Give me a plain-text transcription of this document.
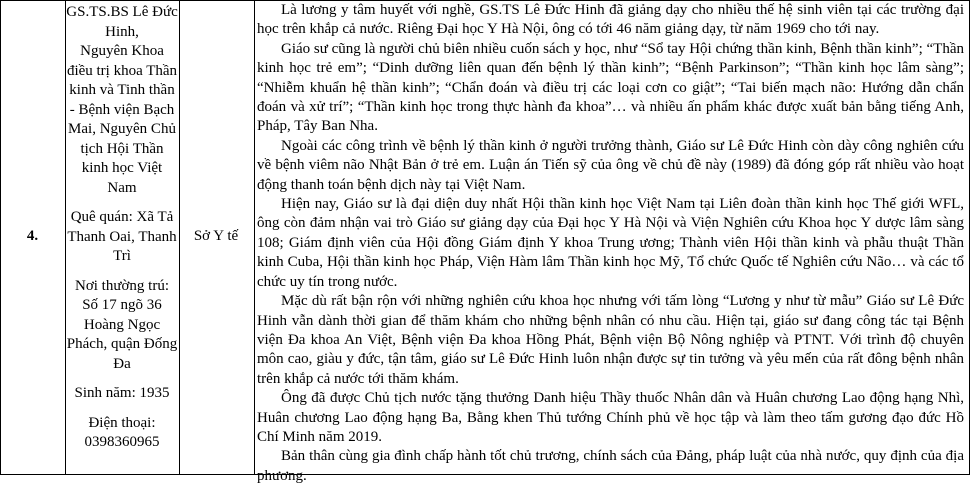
4.

GS.TS.BS Lê Đức Hinh,

Nguyên Khoa điều trị khoa Thần kinh và Tinh thần - Bệnh viện Bạch Mai, Nguyên Chủ tịch Hội Thần kinh học Việt Nam

Quê quán: Xã Tả Thanh Oai, Thanh Trì

Nơi thường trú: Số 17 ngõ 36 Hoàng Ngọc Phách, quận Đống Đa

Sinh năm: 1935

Điện thoại:

0398360965

Sở Y tế

Là lương y tâm huyết với nghề, GS.TS Lê Đức Hinh đã giảng dạy cho nhiều thế hệ sinh viên tại các trường đại học trên khắp cả nước. Riêng Đại học Y Hà Nội, ông có tới 46 năm giảng dạy, từ năm 1969 cho tới nay.

Giáo sư cũng là người chủ biên nhiều cuốn sách y học, như “Sổ tay Hội chứng thần kinh, Bệnh thần kinh”; “Thần kinh học trẻ em”; “Dinh dưỡng liên quan đến bệnh lý thần kinh”; “Bệnh Parkinson”; “Thần kinh học lâm sàng”; “Nhiễm khuẩn hệ thần kinh”; “Chẩn đoán và điều trị các loại cơn co giật”; “Tai biến mạch não: Hướng dẫn chẩn đoán và xử trí”; “Thần kinh học trong thực hành đa khoa”… và nhiều ấn phẩm khác được xuất bản bằng tiếng Anh, Pháp, Tây Ban Nha.

Ngoài các công trình về bệnh lý thần kinh ở người trưởng thành, Giáo sư Lê Đức Hinh còn dày công nghiên cứu về bệnh viêm não Nhật Bản ở trẻ em. Luận án Tiến sỹ của ông về chủ đề này (1989) đã đóng góp rất nhiều vào hoạt động thanh toán bệnh dịch này tại Việt Nam.

Hiện nay, Giáo sư là đại diện duy nhất Hội thần kinh học Việt Nam tại Liên đoàn thần kinh học Thế giới WFL, ông còn đảm nhận vai trò Giáo sư giảng dạy của Đại học Y Hà Nội và Viện Nghiên cứu Khoa học Y dược lâm sàng 108; Giám định viên của Hội đồng Giám định Y khoa Trung ương; Thành viên Hội thần kinh và phẫu thuật Thần kinh Cuba, Hội thần kinh học Pháp, Viện Hàm lâm Thần kinh học Mỹ, Tổ chức Quốc tế Nghiên cứu Não… và các tổ chức uy tín trong nước.

Mặc dù rất bận rộn với những nghiên cứu khoa học nhưng với tấm lòng “Lương y như từ mẫu” Giáo sư Lê Đức Hinh vẫn dành thời gian để thăm khám cho những bệnh nhân có nhu cầu. Hiện tại, giáo sư đang công tác tại Bệnh viện Đa khoa An Việt, Bệnh viện Đa khoa Hồng Phát, Bệnh viện Bộ Nông nghiệp và PTNT. Với trình độ chuyên môn cao, giàu y đức, tận tâm, giáo sư Lê Đức Hinh luôn nhận được sự tin tưởng và yêu mến của rất đông bệnh nhân trên khắp cả nước tới thăm khám.

Ông đã được Chủ tịch nước tặng thưởng Danh hiệu Thầy thuốc Nhân dân và Huân chương Lao động hạng Nhì, Huân chương Lao động hạng Ba, Bằng khen Thủ tướng Chính phủ về học tập và làm theo tấm gương đạo đức Hồ Chí Minh năm 2019.

Bản thân cùng gia đình chấp hành tốt chủ trương, chính sách của Đảng, pháp luật của nhà nước, quy định của địa phương.
